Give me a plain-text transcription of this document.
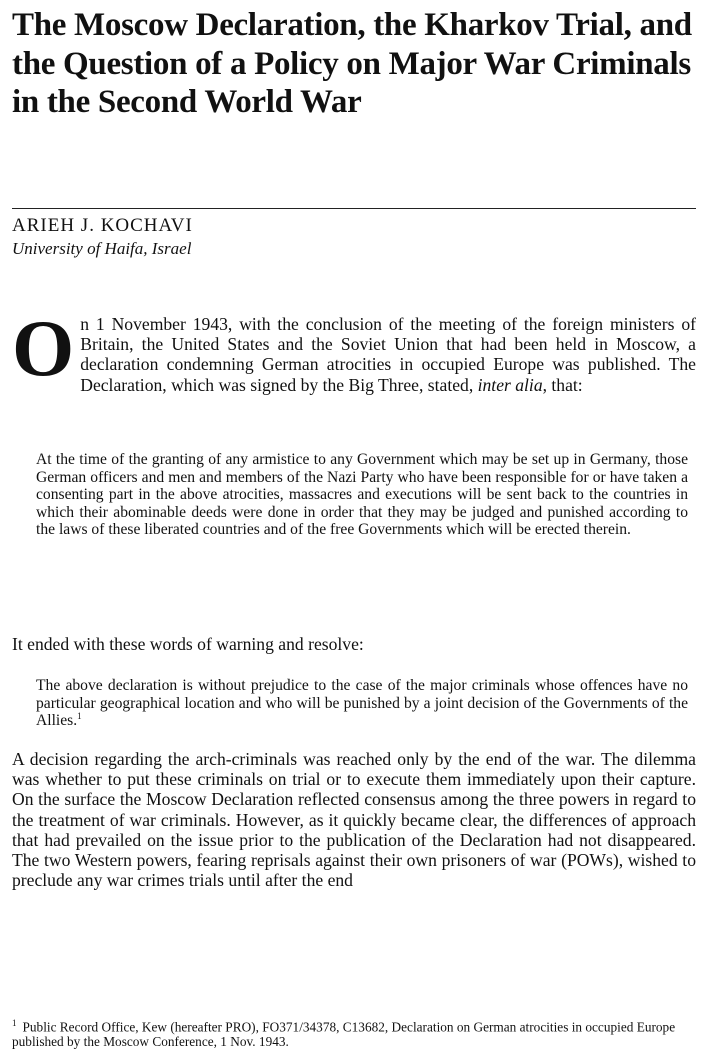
The Moscow Declaration, the Kharkov Trial, and the Question of a Policy on Major War Criminals in the Second World War
ARIEH J. KOCHAVI
University of Haifa, Israel

On 1 November 1943, with the conclusion of the meeting of the foreign ministers of Britain, the United States and the Soviet Union that had been held in Moscow, a declaration condemning German atrocities in occupied Europe was published. The Declaration, which was signed by the Big Three, stated, inter alia, that:

At the time of the granting of any armistice to any Government which may be set up in Germany, those German officers and men and members of the Nazi Party who have been responsible for or have taken a consenting part in the above atrocities, massacres and executions will be sent back to the countries in which their abominable deeds were done in order that they may be judged and punished according to the laws of these liberated countries and of the free Governments which will be erected therein.

It ended with these words of warning and resolve:

The above declaration is without prejudice to the case of the major criminals whose offences have no particular geographical location and who will be punished by a joint decision of the Governments of the Allies.$^1$

A decision regarding the arch-criminals was reached only by the end of the war. The dilemma was whether to put these criminals on trial or to execute them immediately upon their capture. On the surface the Moscow Declaration reflected consensus among the three powers in regard to the treatment of war criminals. However, as it quickly became clear, the differences of approach that had prevailed on the issue prior to the publication of the Declaration had not disappeared. The two Western powers, fearing reprisals against their own prisoners of war (POWs), wished to preclude any war crimes trials until after the end

$^1$ Public Record Office, Kew (hereafter PRO), FO371/34378, C13682, Declaration on German atrocities in occupied Europe published by the Moscow Conference, 1 Nov. 1943.
